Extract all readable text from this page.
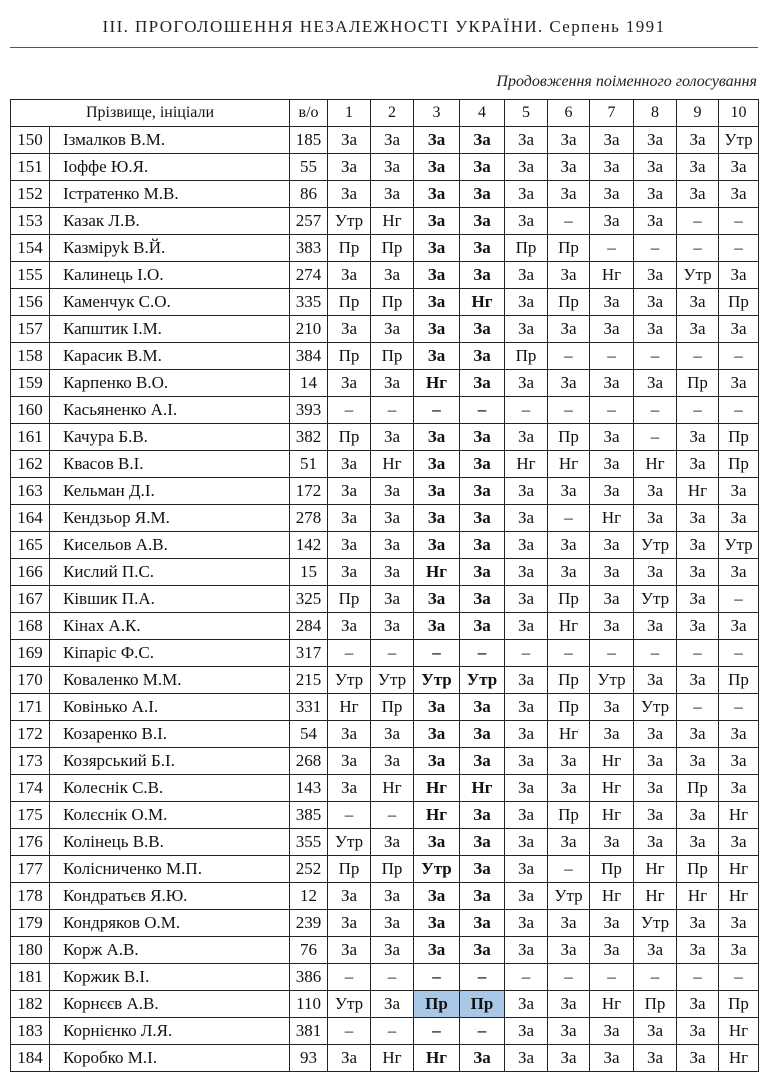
III. ПРОГОЛОШЕННЯ НЕЗАЛЕЖНОСТІ УКРАЇНИ. Серпень 1991
Продовження поіменного голосування
Прізвище, ініціали		в/о	1	2	3	4	5	6	7	8	9	10
150	Ізмалков В.М.	185	За	За	За	За	За	За	За	За	За	Утр
151	Іоффе Ю.Я.	55	За	За	За	За	За	За	За	За	За	За
152	Істратенко М.В.	86	За	За	За	За	За	За	За	За	За	За
153	Казак Л.В.	257	Утр	Нг	За	За	За	–	За	За	–	–
154	Казміруk В.Й.	383	Пр	Пр	За	За	Пр	Пр	–	–	–	–
155	Калинець І.О.	274	За	За	За	За	За	За	Нг	За	Утр	За
156	Каменчук С.О.	335	Пр	Пр	За	Нг	За	Пр	За	За	За	Пр
157	Капштик І.М.	210	За	За	За	За	За	За	За	За	За	За
158	Карасик В.М.	384	Пр	Пр	За	За	Пр	–	–	–	–	–
159	Карпенко В.О.	14	За	За	Нг	За	За	За	За	За	Пр	За
160	Касьяненко А.І.	393	–	–	–	–	–	–	–	–	–	–
161	Качура Б.В.	382	Пр	За	За	За	За	Пр	За	–	За	Пр
162	Квасов В.І.	51	За	Нг	За	За	Нг	Нг	За	Нг	За	Пр
163	Кельман Д.І.	172	За	За	За	За	За	За	За	За	Нг	За
164	Кендзьор Я.М.	278	За	За	За	За	За	–	Нг	За	За	За
165	Кисельов А.В.	142	За	За	За	За	За	За	За	Утр	За	Утр
166	Кислий П.С.	15	За	За	Нг	За	За	За	За	За	За	За
167	Ківшик П.А.	325	Пр	За	За	За	За	Пр	За	Утр	За	–
168	Кінах А.К.	284	За	За	За	За	За	Нг	За	За	За	За
169	Кіпаріс Ф.С.	317	–	–	–	–	–	–	–	–	–	–
170	Коваленко М.М.	215	Утр	Утр	Утр	Утр	За	Пр	Утр	За	За	Пр
171	Ковінько А.І.	331	Нг	Пр	За	За	За	Пр	За	Утр	–	–
172	Козаренко В.І.	54	За	За	За	За	За	Нг	За	За	За	За
173	Козярський Б.І.	268	За	За	За	За	За	За	Нг	За	За	За
174	Колеснік С.В.	143	За	Нг	Нг	Нг	За	За	Нг	За	Пр	За
175	Колєснік О.М.	385	–	–	Нг	За	За	Пр	Нг	За	За	Нг
176	Колінець В.В.	355	Утр	За	За	За	За	За	За	За	За	За
177	Колісниченко М.П.	252	Пр	Пр	Утр	За	За	–	Пр	Нг	Пр	Нг
178	Кондратьєв Я.Ю.	12	За	За	За	За	За	Утр	Нг	Нг	Нг	Нг
179	Кондряков О.М.	239	За	За	За	За	За	За	За	Утр	За	За
180	Корж А.В.	76	За	За	За	За	За	За	За	За	За	За
181	Коржик В.І.	386	–	–	–	–	–	–	–	–	–	–
182	Корнєєв А.В.	110	Утр	За	Пр	Пр	За	За	Нг	Пр	За	Пр
183	Корнієнко Л.Я.	381	–	–	–	–	За	За	За	За	За	Нг
184	Коробко М.І.	93	За	Нг	Нг	За	За	За	За	За	За	Нг
